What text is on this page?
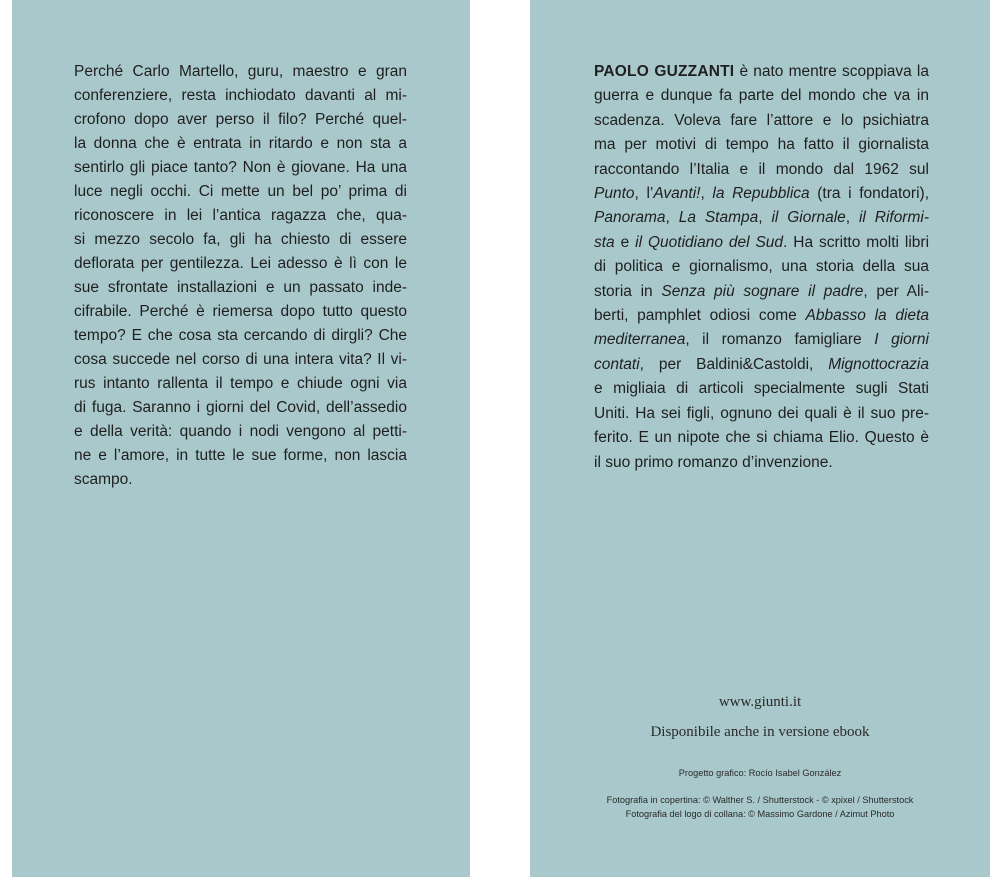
Perché Carlo Martello, guru, maestro e gran
conferenziere, resta inchiodato davanti al mi-
crofono dopo aver perso il filo? Perché quel-
la donna che è entrata in ritardo e non sta a
sentirlo gli piace tanto? Non è giovane. Ha una
luce negli occhi. Ci mette un bel po’ prima di
riconoscere in lei l’antica ragazza che, qua-
si mezzo secolo fa, gli ha chiesto di essere
deflorata per gentilezza. Lei adesso è lì con le
sue sfrontate installazioni e un passato inde-
cifrabile. Perché è riemersa dopo tutto questo
tempo? E che cosa sta cercando di dirgli? Che
cosa succede nel corso di una intera vita? Il vi-
rus intanto rallenta il tempo e chiude ogni via
di fuga. Saranno i giorni del Covid, dell’assedio
e della verità: quando i nodi vengono al petti-
ne e l’amore, in tutte le sue forme, non lascia
scampo.
PAOLO GUZZANTI è nato mentre scoppiava la
guerra e dunque fa parte del mondo che va in
scadenza. Voleva fare l’attore e lo psichiatra
ma per motivi di tempo ha fatto il giornalista
raccontando l’Italia e il mondo dal 1962 sul
Punto, l’Avanti!, la Repubblica (tra i fondatori),
Panorama, La Stampa, il Giornale, il Riformi-
sta e il Quotidiano del Sud. Ha scritto molti libri
di politica e giornalismo, una storia della sua
storia in Senza più sognare il padre, per Ali-
berti, pamphlet odiosi come Abbasso la dieta
mediterranea, il romanzo famigliare I giorni
contati, per Baldini&Castoldi, Mignottocrazia
e migliaia di articoli specialmente sugli Stati
Uniti. Ha sei figli, ognuno dei quali è il suo pre-
ferito. E un nipote che si chiama Elio. Questo è
il suo primo romanzo d’invenzione.
www.giunti.it
Disponibile anche in versione ebook
Progetto grafico: Rocío Isabel González
Fotografia in copertina: © Walther S. / Shutterstock - © xpixel / Shutterstock
Fotografia del logo di collana: © Massimo Gardone / Azimut Photo
